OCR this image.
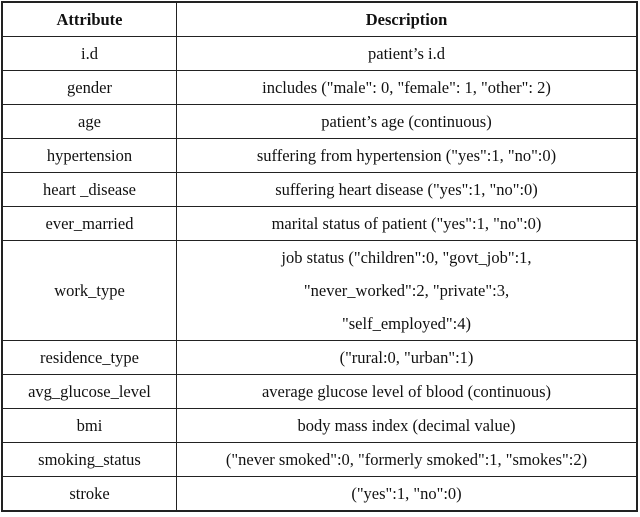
Attribute	Description
i.d	patient’s i.d

gender	includes ("male": 0, "female": 1, "other": 2)

age	patient’s age (continuous)

hypertension	suffering from hypertension ("yes":1, "no":0)

heart _disease	suffering heart disease ("yes":1, "no":0)

ever_married	marital status of patient ("yes":1, "no":0)

work_type	job status ("children":0, "govt_job":1,
"never_worked":2, "private":3,
"self_employed":4)

residence_type	("rural:0, "urban":1)

avg_glucose_level	average glucose level of blood (continuous)

bmi	body mass index (decimal value)

smoking_status	("never smoked":0, "formerly smoked":1, "smokes":2)

stroke	("yes":1, "no":0)
